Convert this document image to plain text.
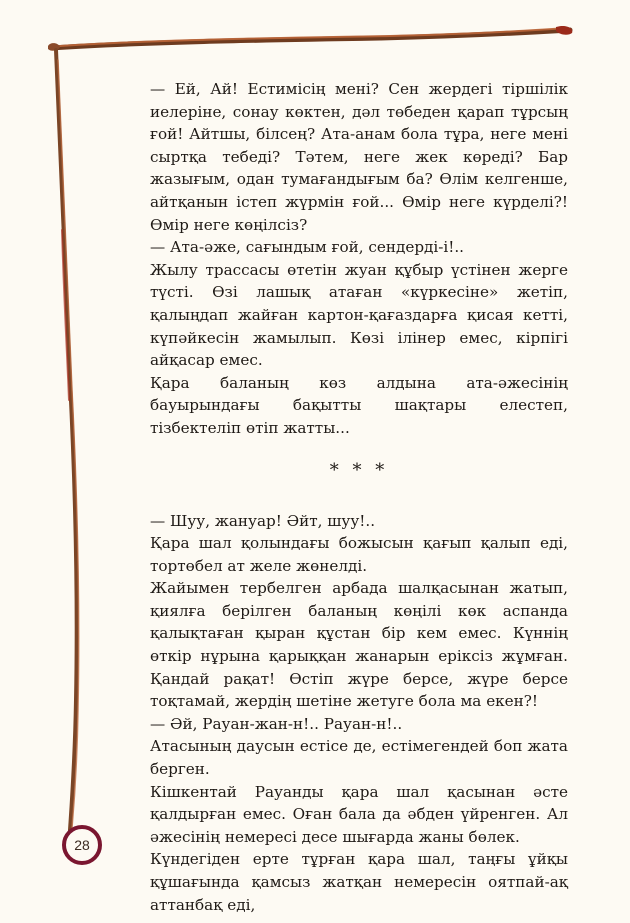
— Ей, Ай! Естимісің мені? Сен жердегі тіршілік иелеріне, сонау көктен, дәл төбеден қарап тұрсың ғой! Айтшы, білсең? Ата-анам бола тұра, неге мені сыртқа тебеді? Тәтем, неге жек көреді? Бар жазығым, одан тумағандығым ба? Өлім келгенше, айтқанын істеп жүрмін ғой... Өмір неге күрделі?! Өмір неге көңілсіз?

— Ата-әже, сағындым ғой, сендерді-і!..

Жылу трассасы өтетін жуан құбыр үстінен жерге түсті. Өзі лашық атаған «күркесіне» жетіп, қалыңдап жайған картон-қағаздарға қисая кетті, күпәйкесін жамылып. Көзі ілінер емес, кірпігі айқасар емес.

Қара баланың көз алдына ата-әжесінің бауырындағы бақытты шақтары елестеп, тізбектеліп өтіп жатты...

* * *

— Шуу, жануар! Әйт, шуу!..

Қара шал қолындағы божысын қағып қалып еді, тортөбел ат желе жөнелді.

Жайымен тербелген арбада шалқасынан жатып, қиялға берілген баланың көңілі көк аспанда қалықтаған қыран құстан бір кем емес. Күннің өткір нұрына қарыққан жанарын еріксіз жұмған. Қандай рақат! Өстіп жүре берсе, жүре берсе тоқтамай, жердің шетіне жетуге бола ма екен?!

— Әй, Рауан-жан-н!.. Рауан-н!..

Атасының даусын естісе де, естімегендей боп жата берген.

Кішкентай Рауанды қара шал қасынан әсте қалдырған емес. Оған бала да әбден үйренген. Ал әжесінің немересі десе шығарда жаны бөлек.

Күндегіден ерте тұрған қара шал, таңғы ұйқы құшағында қамсыз жатқан немересін оятпай-ақ аттанбақ еді,

28
